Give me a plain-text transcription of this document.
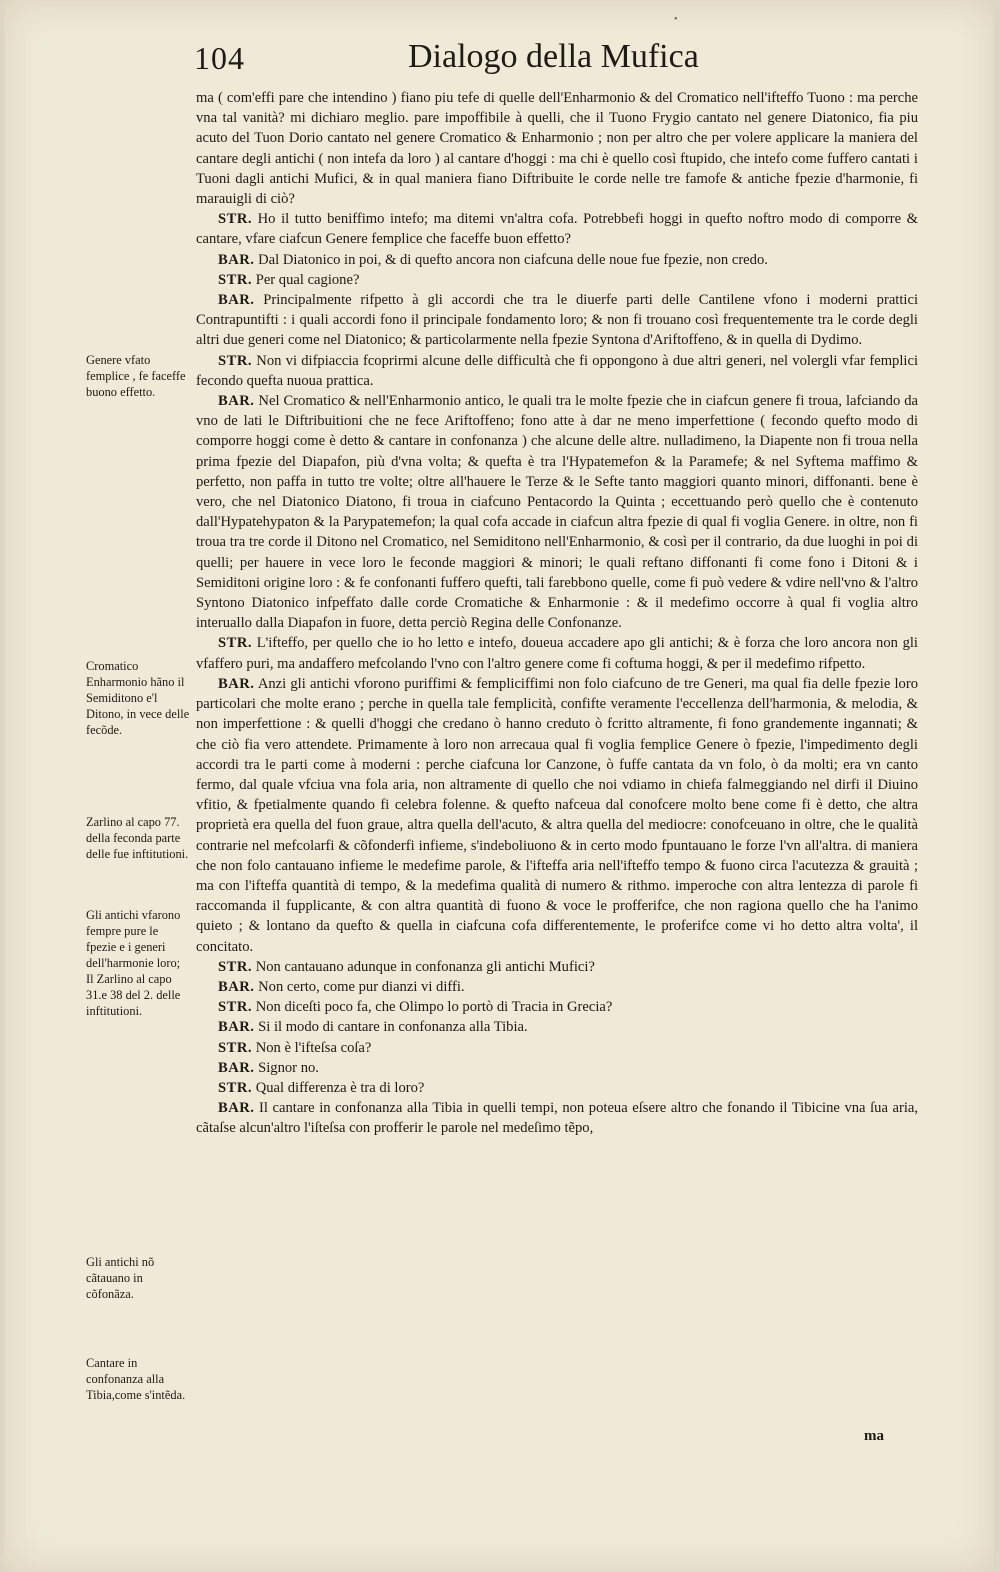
•
104	Dialogo della Mufica
Genere vfato femplice , fe faceffe buono effetto.
Cromatico Enharmonio hãno il Semiditono e'l Ditono, in vece delle fecõde.
Zarlino al capo 77. della feconda parte delle fue inftitutioni.
Gli antichi vfarono fempre pure le fpezie e i generi dell'harmonie loro; Il Zarlino al capo 31.e 38 del 2. delle inftitutioni.
Gli antichi nõ cãtauano in cõfonãza.
Cantare in confonanza alla Tibia,come s'intẽda.

ma ( com'effi pare che intendino ) fiano piu tefe di quelle dell'Enharmonio & del Cromatico nell'ifteffo Tuono : ma perche vna tal vanità? mi dichiaro meglio. pare impoffibile à quelli, che il Tuono Frygio cantato nel genere Diatonico, fia piu acuto del Tuon Dorio cantato nel genere Cromatico & Enharmonio ; non per altro che per volere applicare la maniera del cantare degli antichi ( non intefa da loro ) al cantare d'hoggi : ma chi è quello così ftupido, che intefo come fuffero cantati i Tuoni dagli antichi Mufici, & in qual maniera fiano Diftribuite le corde nelle tre famofe & antiche fpezie d'harmonie, fi marauigli di ciò?

STR. Ho il tutto beniffimo intefo; ma ditemi vn'altra cofa. Potrebbefi hoggi in quefto noftro modo di comporre & cantare, vfare ciafcun Genere femplice che faceffe buon effetto?

BAR. Dal Diatonico in poi, & di quefto ancora non ciafcuna delle noue fue fpezie, non credo.

STR. Per qual cagione?

BAR. Principalmente rifpetto à gli accordi che tra le diuerfe parti delle Cantilene vfono i moderni prattici Contrapuntifti : i quali accordi fono il principale fondamento loro; & non fi trouano così frequentemente tra le corde degli altri due generi come nel Diatonico; & particolarmente nella fpezie Syntona d'Ariftoffeno, & in quella di Dydimo.

STR. Non vi difpiaccia fcoprirmi alcune delle difficultà che fi oppongono à due altri generi, nel volergli vfar femplici fecondo quefta nuoua prattica.

BAR. Nel Cromatico & nell'Enharmonio antico, le quali tra le molte fpezie che in ciafcun genere fi troua, lafciando da vno de lati le Diftribuitioni che ne fece Ariftoffeno; fono atte à dar ne meno imperfettione ( fecondo quefto modo di comporre hoggi come è detto & cantare in confonanza ) che alcune delle altre. nulladimeno, la Diapente non fi troua nella prima fpezie del Diapafon, più d'vna volta; & quefta è tra l'Hypatemefon & la Paramefe; & nel Syftema maffimo & perfetto, non paffa in tutto tre volte; oltre all'hauere le Terze & le Sefte tanto maggiori quanto minori, diffonanti. bene è vero, che nel Diatonico Diatono, fi troua in ciafcuno Pentacordo la Quinta ; eccettuando però quello che è contenuto dall'Hypatehypaton & la Parypatemefon; la qual cofa accade in ciafcun altra fpezie di qual fi voglia Genere. in oltre, non fi troua tra tre corde il Ditono nel Cromatico, nel Semiditono nell'Enharmonio, & così per il contrario, da due luoghi in poi di quelli; per hauere in vece loro le feconde maggiori & minori; le quali reftano diffonanti fi come fono i Ditoni & i Semiditoni origine loro : & fe confonanti fuffero quefti, tali farebbono quelle, come fi può vedere & vdire nell'vno & l'altro Syntono Diatonico infpeffato dalle corde Cromatiche & Enharmonie : & il medefimo occorre à qual fi voglia altro interuallo dalla Diapafon in fuore, detta perciò Regina delle Confonanze.

STR. L'ifteffo, per quello che io ho letto e intefo, doueua accadere apo gli antichi; & è forza che loro ancora non gli vfaffero puri, ma andaffero mefcolando l'vno con l'altro genere come fi coftuma hoggi, & per il medefimo rifpetto.

BAR. Anzi gli antichi vforono puriffimi & fempliciffimi non folo ciafcuno de tre Generi, ma qual fia delle fpezie loro particolari che molte erano ; perche in quella tale femplicità, confifte veramente l'eccellenza dell'harmonia, & melodia, & non imperfettione : & quelli d'hoggi che credano ò hanno creduto ò fcritto altramente, fi fono grandemente ingannati; & che ciò fia vero attendete. Primamente à loro non arrecaua qual fi voglia femplice Genere ò fpezie, l'impedimento degli accordi tra le parti come à moderni : perche ciafcuna lor Canzone, ò fuffe cantata da vn folo, ò da molti; era vn canto fermo, dal quale vfciua vna fola aria, non altramente di quello che noi vdiamo in chiefa falmeggiando nel dirfi il Diuino vfitio, & fpetialmente quando fi celebra folenne. & quefto nafceua dal conofcere molto bene come fi è detto, che altra proprietà era quella del fuon graue, altra quella dell'acuto, & altra quella del mediocre: conofceuano in oltre, che le qualità contrarie nel mefcolarfi & cõfonderfi infieme, s'indeboliuono & in certo modo fpuntauano le forze l'vn all'altra. di maniera che non folo cantauano infieme le medefime parole, & l'ifteffa aria nell'ifteffo tempo & fuono circa l'acutezza & grauità ; ma con l'ifteffa quantità di tempo, & la medefima qualità di numero & rithmo. imperoche con altra lentezza di parole fi raccomanda il fupplicante, & con altra quantità di fuono & voce le profferifce, che non ragiona quello che ha l'animo quieto ; & lontano da quefto & quella in ciafcuna cofa differentemente, le proferifce come vi ho detto altra volta', il concitato.

STR. Non cantauano adunque in confonanza gli antichi Mufici?

BAR. Non certo, come pur dianzi vi diffi.

STR. Non diceſti poco fa, che Olimpo lo portò di Tracia in Grecia?

BAR. Si il modo di cantare in confonanza alla Tibia.

STR. Non è l'ifteſsa coſa?

BAR. Signor no.

STR. Qual differenza è tra di loro?

BAR. Il cantare in confonanza alla Tibia in quelli tempi, non poteua eſsere altro che fonando il Tibicine vna ſua aria, cãtaſse alcun'altro l'iſteſsa con profferir le parole nel medeſimo tẽpo,

ma
